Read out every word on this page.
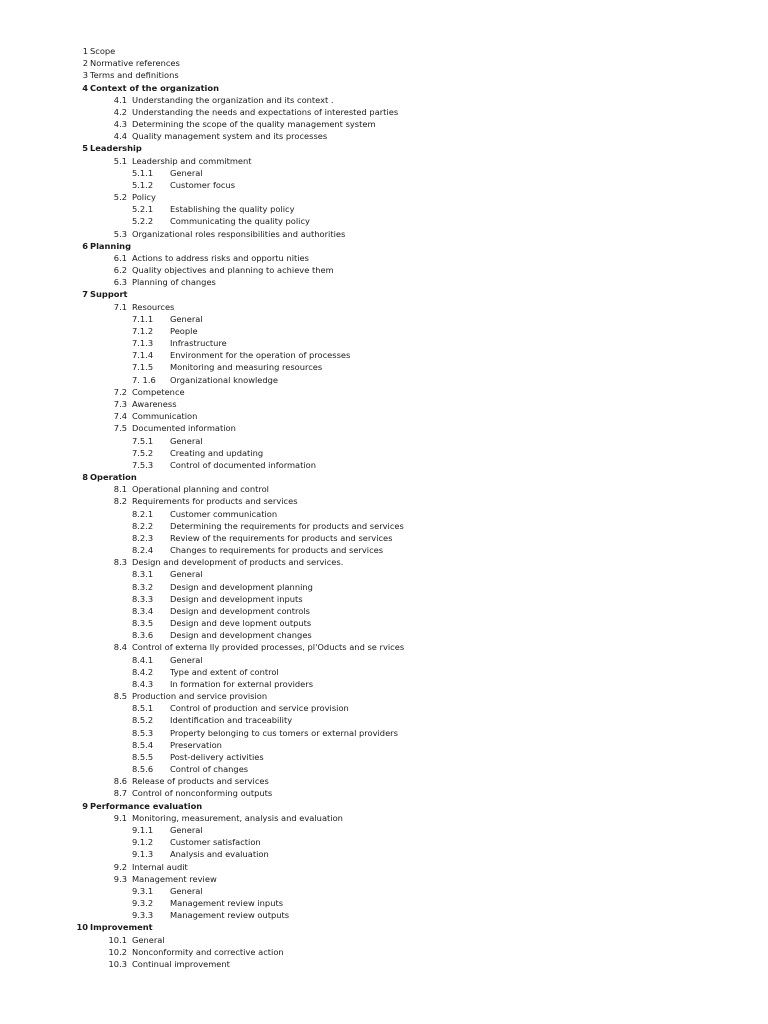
1 Scope
2 Normative references
3 Terms and definitions
4 Context of the organization
4.1 Understanding the organization and its context .
4.2 Understanding the needs and expectations of interested parties
4.3 Determining the scope of the quality management system
4.4 Quality management system and its processes
5 Leadership
5.1 Leadership and commitment
5.1.1 General
5.1.2 Customer focus
5.2 Policy
5.2.1 Establishing the quality policy
5.2.2 Communicating the quality policy
5.3 Organizational roles responsibilities and authorities
6 Planning
6.1 Actions to address risks and opportu nities
6.2 Quality objectives and planning to achieve them
6.3 Planning of changes
7 Support
7.1 Resources
7.1.1 General
7.1.2 People
7.1.3 Infrastructure
7.1.4 Environment for the operation of processes
7.1.5 Monitoring and measuring resources
7. 1.6 Organizational knowledge
7.2 Competence
7.3 Awareness
7.4 Communication
7.5 Documented information
7.5.1 General
7.5.2 Creating and updating
7.5.3 Control of documented information
8 Operation
8.1 Operational planning and control
8.2 Requirements for products and services
8.2.1 Customer communication
8.2.2 Determining the requirements for products and services
8.2.3 Review of the requirements for products and services
8.2.4 Changes to requirements for products and services
8.3 Design and development of products and services.
8.3.1 General
8.3.2 Design and development planning
8.3.3 Design and development inputs
8.3.4 Design and development controls
8.3.5 Design and deve lopment outputs
8.3.6 Design and development changes
8.4 Control of externa lly provided processes, pl'Oducts and se rvices
8.4.1 General
8.4.2 Type and extent of control
8.4.3 In formation for external providers
8.5 Production and service provision
8.5.1 Control of production and service provision
8.5.2 Identification and traceability
8.5.3 Property belonging to cus tomers or external providers
8.5.4 Preservation
8.5.5 Post-delivery activities
8.5.6 Control of changes
8.6 Release of products and services
8.7 Control of nonconforming outputs
9 Performance evaluation
9.1 Monitoring, measurement, analysis and evaluation
9.1.1 General
9.1.2 Customer satisfaction
9.1.3 Analysis and evaluation
9.2 Internal audit
9.3 Management review
9.3.1 General
9.3.2 Management review inputs
9.3.3 Management review outputs
10 Improvement
10.1 General
10.2 Nonconformity and corrective action
10.3 Continual improvement
